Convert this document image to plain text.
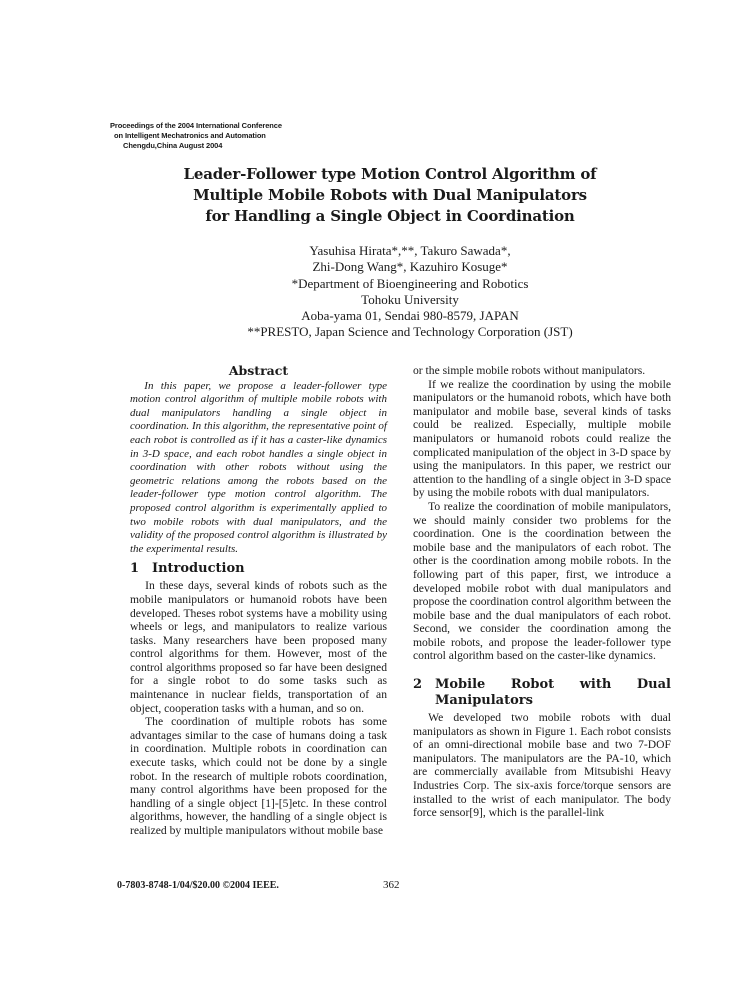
Proceedings of the 2004 International Conference
on Intelligent Mechatronics and Automation
Chengdu,China August 2004
Leader-Follower type Motion Control Algorithm of
Multiple Mobile Robots with Dual Manipulators
for Handling a Single Object in Coordination
Yasuhisa Hirata*,**, Takuro Sawada*,
Zhi-Dong Wang*, Kazuhiro Kosuge*
*Department of Bioengineering and Robotics
Tohoku University
Aoba-yama 01, Sendai 980-8579, JAPAN
**PRESTO, Japan Science and Technology Corporation (JST)
Abstract
In this paper, we propose a leader-follower type motion control algorithm of multiple mobile robots with dual manipulators handling a single object in coordination. In this algorithm, the representative point of each robot is controlled as if it has a caster-like dynamics in 3-D space, and each robot handles a single object in coordination with other robots without using the geometric relations among the robots based on the leader-follower type motion control algorithm. The proposed control algorithm is experimentally applied to two mobile robots with dual manipulators, and the validity of the proposed control algorithm is illustrated by the experimental results.
1 Introduction

In these days, several kinds of robots such as the mobile manipulators or humanoid robots have been developed. Theses robot systems have a mobility using wheels or legs, and manipulators to realize various tasks. Many researchers have been proposed many control algorithms for them. However, most of the control algorithms proposed so far have been designed for a single robot to do some tasks such as maintenance in nuclear fields, transportation of an object, cooperation tasks with a human, and so on.

The coordination of multiple robots has some advantages similar to the case of humans doing a task in coordination. Multiple robots in coordination can execute tasks, which could not be done by a single robot. In the research of multiple robots coordination, many control algorithms have been proposed for the handling of a single object [1]-[5]etc. In these control algorithms, however, the handling of a single object is realized by multiple manipulators without mobile base

or the simple mobile robots without manipulators.

If we realize the coordination by using the mobile manipulators or the humanoid robots, which have both manipulator and mobile base, several kinds of tasks could be realized. Especially, multiple mobile manipulators or humanoid robots could realize the complicated manipulation of the object in 3-D space by using the manipulators. In this paper, we restrict our attention to the handling of a single object in 3-D space by using the mobile robots with dual manipulators.

To realize the coordination of mobile manipulators, we should mainly consider two problems for the coordination. One is the coordination between the mobile base and the manipulators of each robot. The other is the coordination among mobile robots. In the following part of this paper, first, we introduce a developed mobile robot with dual manipulators and propose the coordination control algorithm between the mobile base and the dual manipulators of each robot. Second, we consider the coordination among the mobile robots, and propose the leader-follower type control algorithm based on the caster-like dynamics.

2 Mobile Robot with Dual Manipulators

We developed two mobile robots with dual manipulators as shown in Figure 1. Each robot consists of an omni-directional mobile base and two 7-DOF manipulators. The manipulators are the PA-10, which are commercially available from Mitsubishi Heavy Industries Corp. The six-axis force/torque sensors are installed to the wrist of each manipulator. The body force sensor[9], which is the parallel-link

0-7803-8748-1/04/$20.00 ©2004 IEEE.	362
